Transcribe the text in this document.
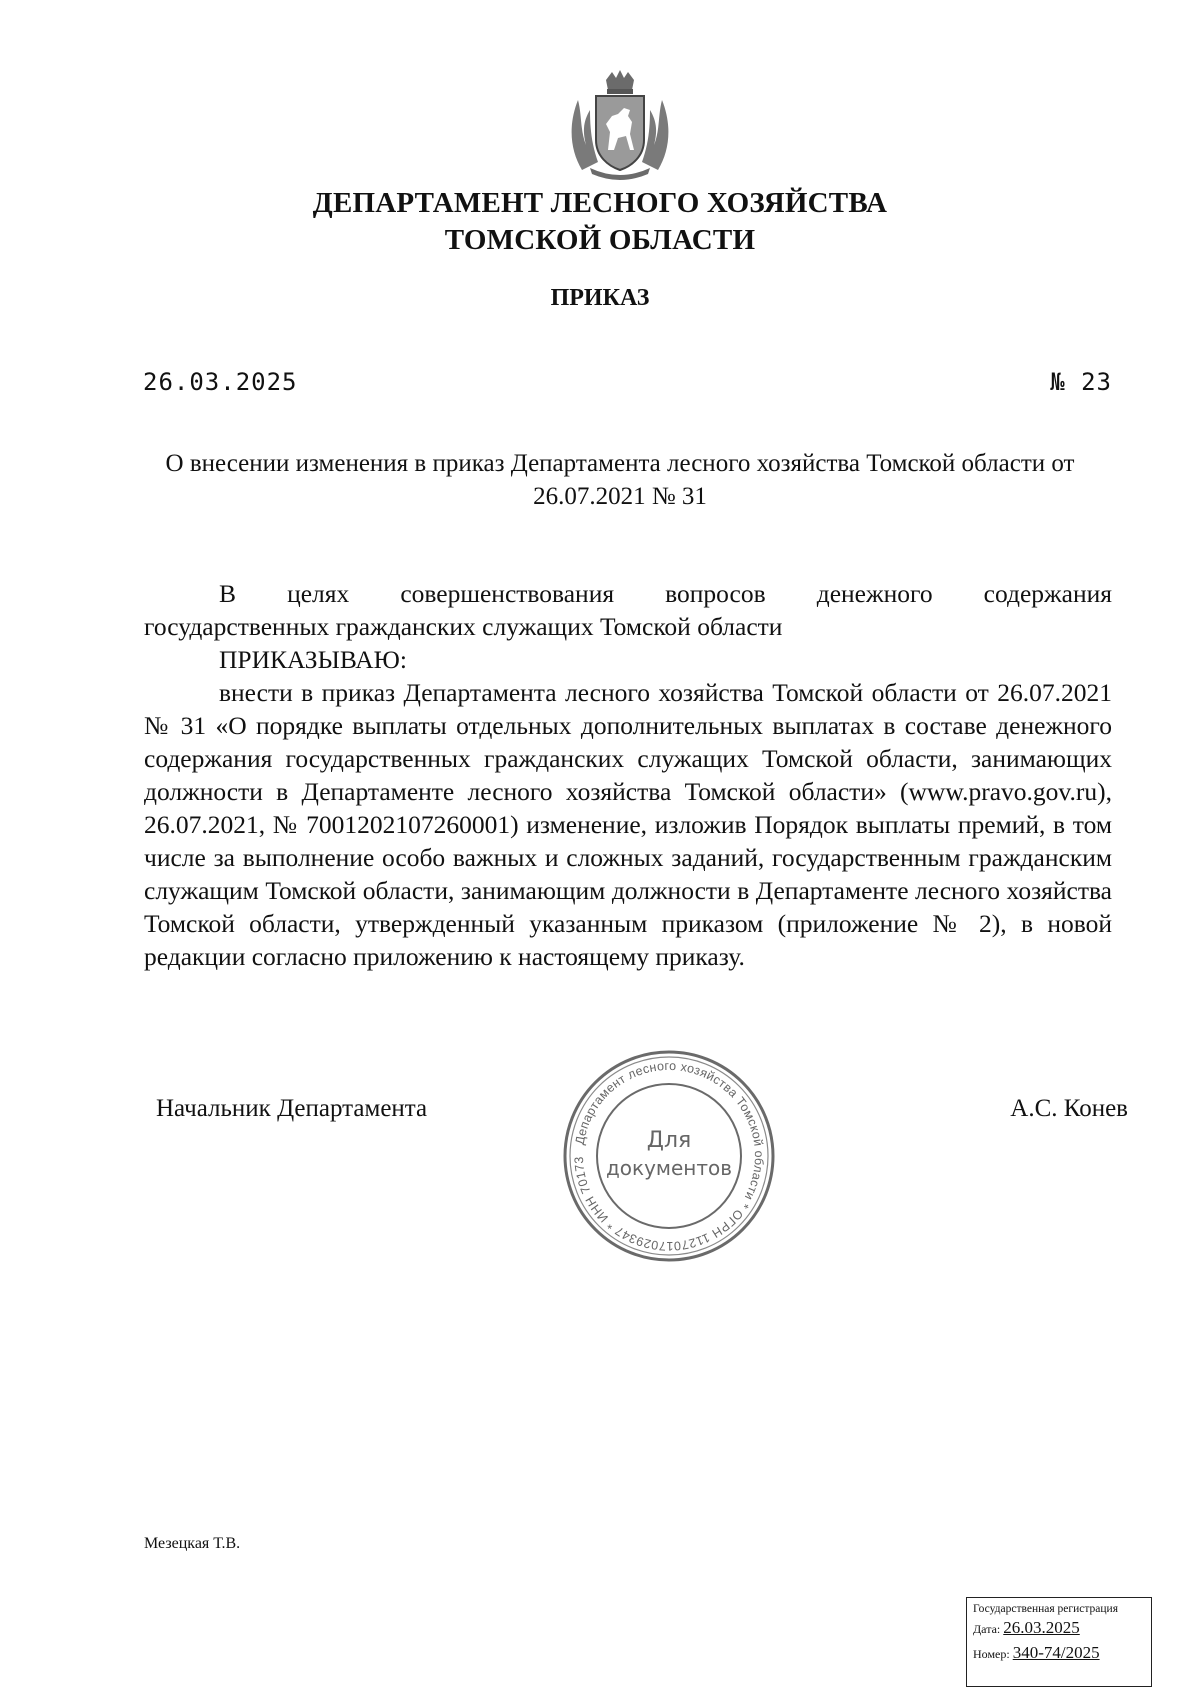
ДЕПАРТАМЕНТ ЛЕСНОГО ХОЗЯЙСТВА
ТОМСКОЙ ОБЛАСТИ
ПРИКАЗ
26.03.2025	№ 23
О внесении изменения в приказ Департамента лесного хозяйства Томской области от 26.07.2021 № 31
В целях совершенствования вопросов денежного содержания
государственных гражданских служащих Томской области
ПРИКАЗЫВАЮ:
внести в приказ Департамента лесного хозяйства Томской области от 26.07.2021 № 31 «О порядке выплаты отдельных дополнительных выплатах в составе денежного содержания государственных гражданских служащих Томской области, занимающих должности в Департаменте лесного хозяйства Томской области» (www.pravo.gov.ru), 26.07.2021, № 7001202107260001) изменение, изложив Порядок выплаты премий, в том числе за выполнение особо важных и сложных заданий, государственным гражданским служащим Томской области, занимающим должности в Департаменте лесного хозяйства Томской области, утвержденный указанным приказом (приложение № 2), в новой редакции согласно приложению к настоящему приказу.
Начальник Департамента	А.С. Конев
Департамент лесного хозяйства Томской области * ОГРН 1127017029347 * ИНН 70173
Для
документов
Мезецкая Т.В.
Государственная регистрация
Дата: 26.03.2025
Номер: 340-74/2025
